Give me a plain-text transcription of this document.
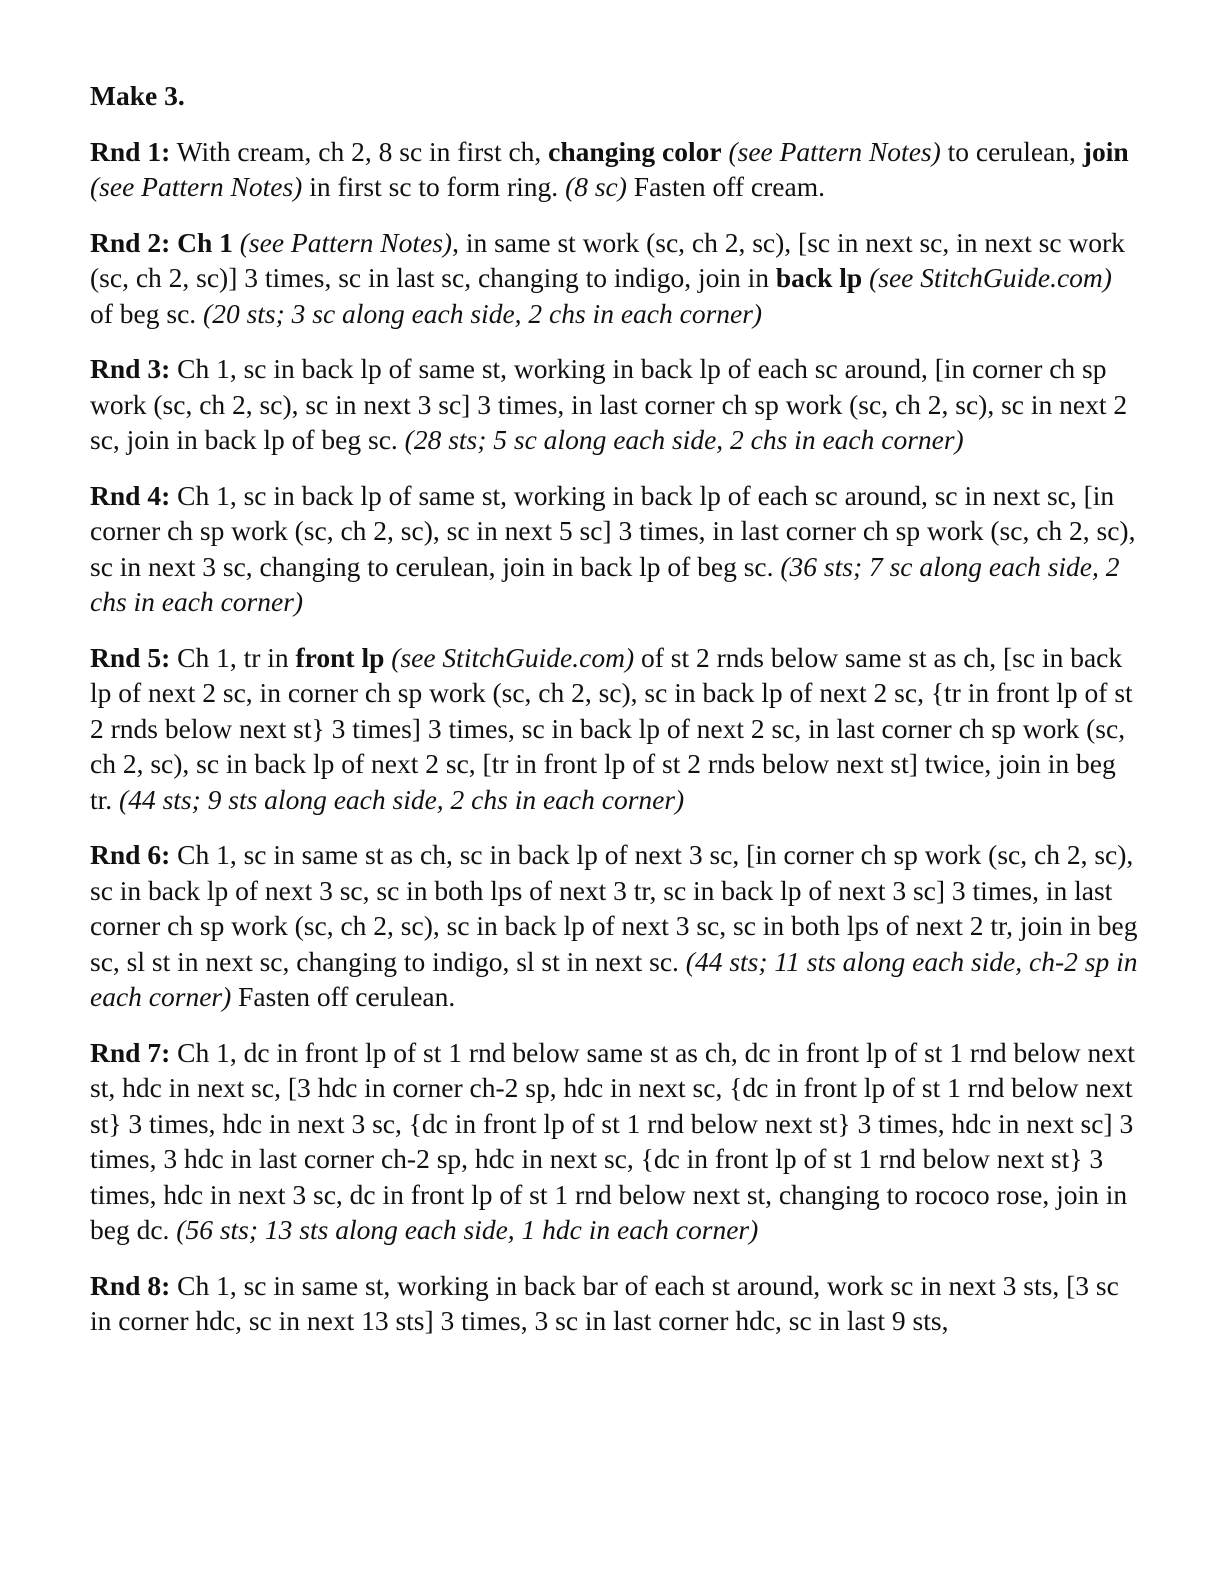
Make 3.
Rnd 1: With cream, ch 2, 8 sc in first ch, changing color (see Pattern Notes) to cerulean, join (see Pattern Notes) in first sc to form ring. (8 sc) Fasten off cream.
Rnd 2: Ch 1 (see Pattern Notes), in same st work (sc, ch 2, sc), [sc in next sc, in next sc work (sc, ch 2, sc)] 3 times, sc in last sc, changing to indigo, join in back lp (see StitchGuide.com) of beg sc. (20 sts; 3 sc along each side, 2 chs in each corner)
Rnd 3: Ch 1, sc in back lp of same st, working in back lp of each sc around, [in corner ch sp work (sc, ch 2, sc), sc in next 3 sc] 3 times, in last corner ch sp work (sc, ch 2, sc), sc in next 2 sc, join in back lp of beg sc. (28 sts; 5 sc along each side, 2 chs in each corner)
Rnd 4: Ch 1, sc in back lp of same st, working in back lp of each sc around, sc in next sc, [in corner ch sp work (sc, ch 2, sc), sc in next 5 sc] 3 times, in last corner ch sp work (sc, ch 2, sc), sc in next 3 sc, changing to cerulean, join in back lp of beg sc. (36 sts; 7 sc along each side, 2 chs in each corner)
Rnd 5: Ch 1, tr in front lp (see StitchGuide.com) of st 2 rnds below same st as ch, [sc in back lp of next 2 sc, in corner ch sp work (sc, ch 2, sc), sc in back lp of next 2 sc, {tr in front lp of st 2 rnds below next st} 3 times] 3 times, sc in back lp of next 2 sc, in last corner ch sp work (sc, ch 2, sc), sc in back lp of next 2 sc, [tr in front lp of st 2 rnds below next st] twice, join in beg tr. (44 sts; 9 sts along each side, 2 chs in each corner)
Rnd 6: Ch 1, sc in same st as ch, sc in back lp of next 3 sc, [in corner ch sp work (sc, ch 2, sc), sc in back lp of next 3 sc, sc in both lps of next 3 tr, sc in back lp of next 3 sc] 3 times, in last corner ch sp work (sc, ch 2, sc), sc in back lp of next 3 sc, sc in both lps of next 2 tr, join in beg sc, sl st in next sc, changing to indigo, sl st in next sc. (44 sts; 11 sts along each side, ch-2 sp in each corner) Fasten off cerulean.
Rnd 7: Ch 1, dc in front lp of st 1 rnd below same st as ch, dc in front lp of st 1 rnd below next st, hdc in next sc, [3 hdc in corner ch-2 sp, hdc in next sc, {dc in front lp of st 1 rnd below next st} 3 times, hdc in next 3 sc, {dc in front lp of st 1 rnd below next st} 3 times, hdc in next sc] 3 times, 3 hdc in last corner ch-2 sp, hdc in next sc, {dc in front lp of st 1 rnd below next st} 3 times, hdc in next 3 sc, dc in front lp of st 1 rnd below next st, changing to rococo rose, join in beg dc. (56 sts; 13 sts along each side, 1 hdc in each corner)
Rnd 8: Ch 1, sc in same st, working in back bar of each st around, work sc in next 3 sts, [3 sc in corner hdc, sc in next 13 sts] 3 times, 3 sc in last corner hdc, sc in last 9 sts,
